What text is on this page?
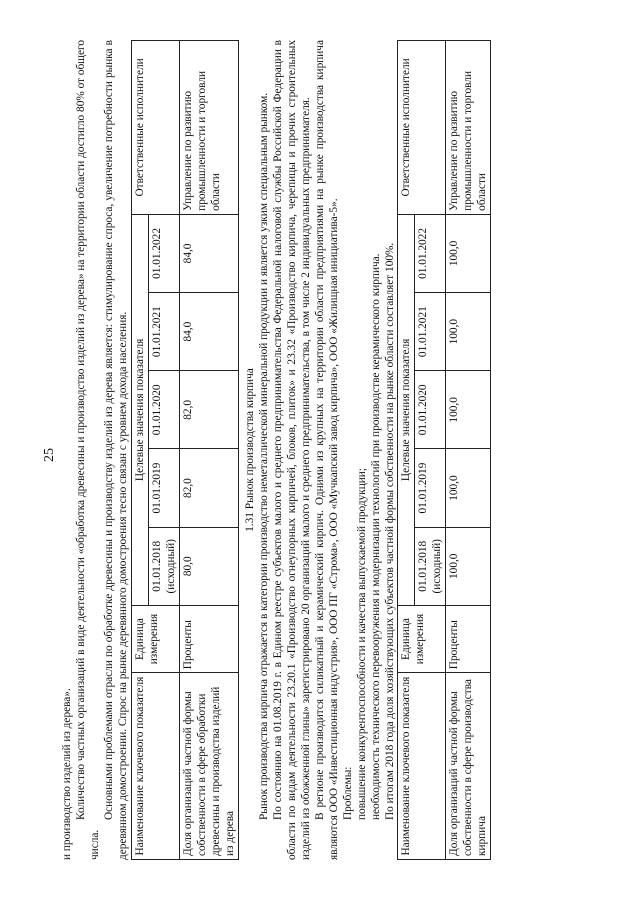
25

и производство изделий из дерева». Количество частных организаций в виде деятельности «обработка древесины и производство изделий из дерева» на территории области достигло 80% от общего числа.

Основными проблемами отрасли по обработке древесины и производству изделий из дерева является: стимулирование спроса, увеличение потребности рынка в деревянном домостроении. Спрос на рынке деревянного домостроения тесно связан с уровнем дохода населения. Наименование ключевого показателя	Единица измерения	Целевые значения показателя					Ответственные исполнители
		01.01.2018 (исходный)	01.01.2019	01.01.2020	01.01.2021	01.01.2022	
Доля организаций частной формы собственности в сфере обработки древесины и производства изделий из дерева	Проценты	80,0	82,0	82,0	84,0	84,0	Управление по развитию промышленности и торговли области

1.31 Рынок производства кирпича Рынок производства кирпича отражается в категории производство неметаллической минеральной продукции и является узким специальным рынком. По состоянию на 01.08.2019 г. в Едином реестре субъектов малого и среднего предпринимательства Федеральной налоговой службы Российской Федерации в области по видам деятельности 23.20.1 «Производство огнеупорных кирпичей, блоков, плиток» и 23.32 «Производство кирпича, черепицы и прочих строительных изделий из обожженной глины» зарегистрировано 20 организаций малого и среднего предпринимательства, в том числе 2 индивидуальных предпринимателя. В регионе производится силикатный и керамический кирпич. Одними из крупных на территории области предприятиями на рынке производства кирпича являются ООО «Инвестиционная индустрия», ООО ПГ «Строма», ООО «Мучкапский завод кирпича», ООО «Жилищная инициатива-5». Проблемы: повышение конкурентоспособности и качества выпускаемой продукции; необходимость технического перевооружения и модернизации технологий при производстве керамического кирпича. По итогам 2018 года доля хозяйствующих субъектов частной формы собственности на рынке области составляет 100%. Наименование ключевого показателя	Единица измерения	Целевые значения показателя					Ответственные исполнители
		01.01.2018 (исходный)	01.01.2019	01.01.2020	01.01.2021	01.01.2022	
Доля организаций частной формы собственности в сфере производства кирпича	Проценты	100,0	100,0	100,0	100,0	100,0	Управление по развитию промышленности и торговли области
